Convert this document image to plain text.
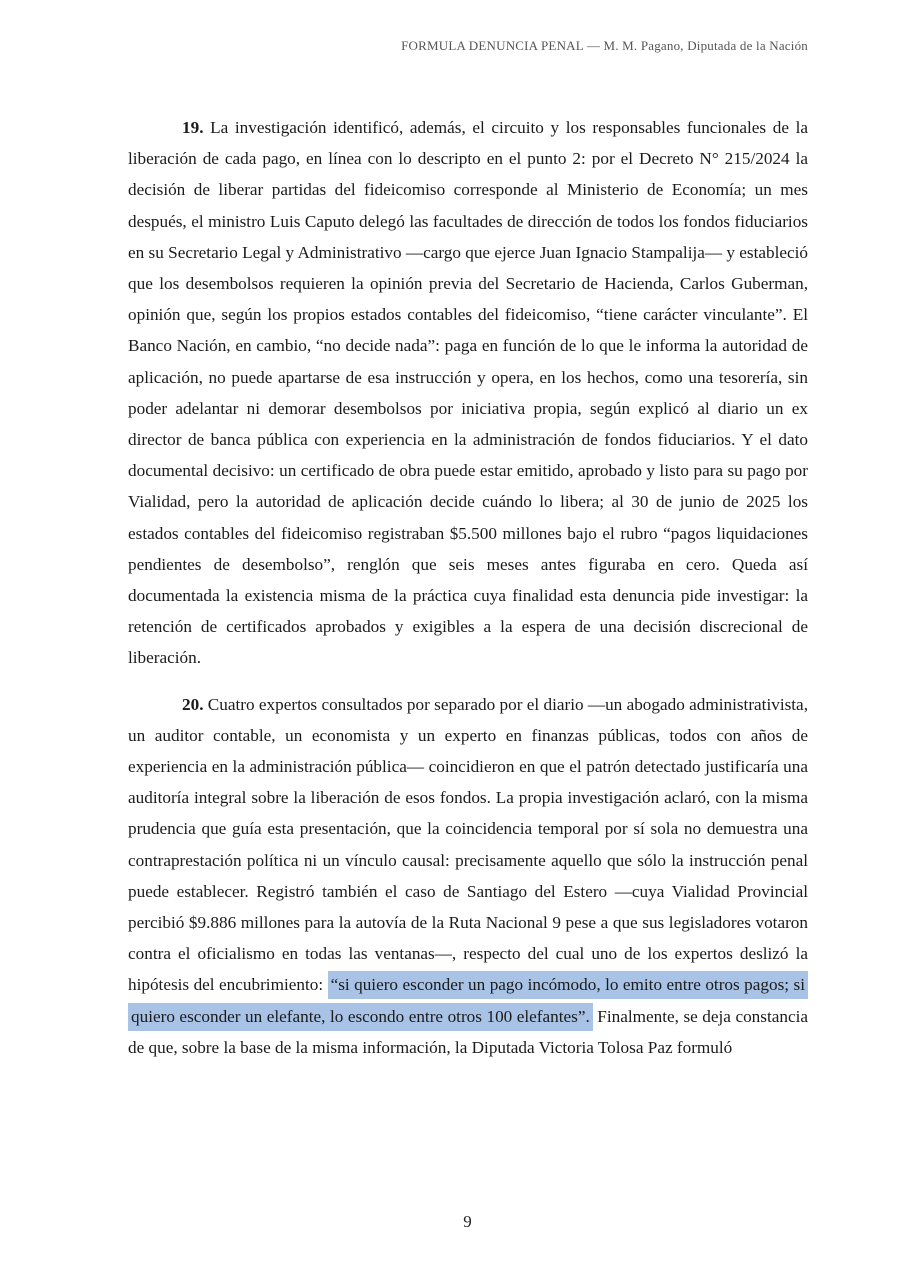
FORMULA DENUNCIA PENAL — M. M. Pagano, Diputada de la Nación

19. La investigación identificó, además, el circuito y los responsables funcionales de la liberación de cada pago, en línea con lo descripto en el punto 2: por el Decreto N° 215/2024 la decisión de liberar partidas del fideicomiso corresponde al Ministerio de Economía; un mes después, el ministro Luis Caputo delegó las facultades de dirección de todos los fondos fiduciarios en su Secretario Legal y Administrativo —cargo que ejerce Juan Ignacio Stampalija— y estableció que los desembolsos requieren la opinión previa del Secretario de Hacienda, Carlos Guberman, opinión que, según los propios estados contables del fideicomiso, “tiene carácter vinculante”. El Banco Nación, en cambio, “no decide nada”: paga en función de lo que le informa la autoridad de aplicación, no puede apartarse de esa instrucción y opera, en los hechos, como una tesorería, sin poder adelantar ni demorar desembolsos por iniciativa propia, según explicó al diario un ex director de banca pública con experiencia en la administración de fondos fiduciarios. Y el dato documental decisivo: un certificado de obra puede estar emitido, aprobado y listo para su pago por Vialidad, pero la autoridad de aplicación decide cuándo lo libera; al 30 de junio de 2025 los estados contables del fideicomiso registraban $5.500 millones bajo el rubro “pagos liquidaciones pendientes de desembolso”, renglón que seis meses antes figuraba en cero. Queda así documentada la existencia misma de la práctica cuya finalidad esta denuncia pide investigar: la retención de certificados aprobados y exigibles a la espera de una decisión discrecional de liberación.

20. Cuatro expertos consultados por separado por el diario —un abogado administrativista, un auditor contable, un economista y un experto en finanzas públicas, todos con años de experiencia en la administración pública— coincidieron en que el patrón detectado justificaría una auditoría integral sobre la liberación de esos fondos. La propia investigación aclaró, con la misma prudencia que guía esta presentación, que la coincidencia temporal por sí sola no demuestra una contraprestación política ni un vínculo causal: precisamente aquello que sólo la instrucción penal puede establecer. Registró también el caso de Santiago del Estero —cuya Vialidad Provincial percibió $9.886 millones para la autovía de la Ruta Nacional 9 pese a que sus legisladores votaron contra el oficialismo en todas las ventanas—, respecto del cual uno de los expertos deslizó la hipótesis del encubrimiento: “si quiero esconder un pago incómodo, lo emito entre otros pagos; si quiero esconder un elefante, lo escondo entre otros 100 elefantes”. Finalmente, se deja constancia de que, sobre la base de la misma información, la Diputada Victoria Tolosa Paz formuló

9
